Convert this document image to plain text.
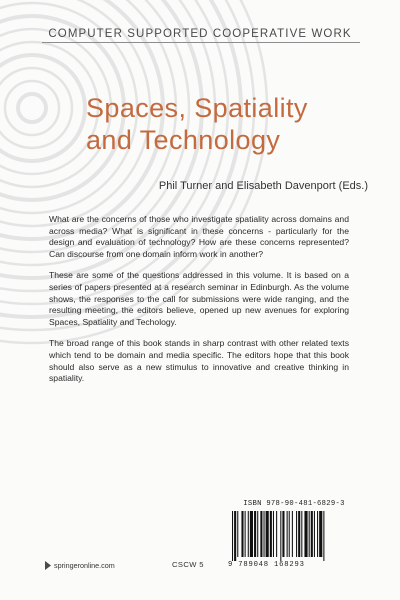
COMPUTER SUPPORTED COOPERATIVE WORK
Spaces, Spatiality
and Technology
Phil Turner and Elisabeth Davenport (Eds.)

What are the concerns of those who investigate spatiality across domains and across media? What is significant in these concerns - particularly for the design and evaluation of technology? How are these concerns represented? Can discourse from one domain inform work in another?

These are some of the questions addressed in this volume. It is based on a series of papers presented at a research seminar in Edinburgh. As the volume shows, the responses to the call for submissions were wide ranging, and the resulting meeting, the editors believe, opened up new avenues for exploring Spaces, Spatiality and Techology.

The broad range of this book stands in sharp contrast with other related texts which tend to be domain and media specific. The editors hope that this book should also serve as a new stimulus to innovative and creative thinking in spatiality.

ISBN 978-90-481-6829-3
9 789048 168293
springeronline.com	CSCW 5
